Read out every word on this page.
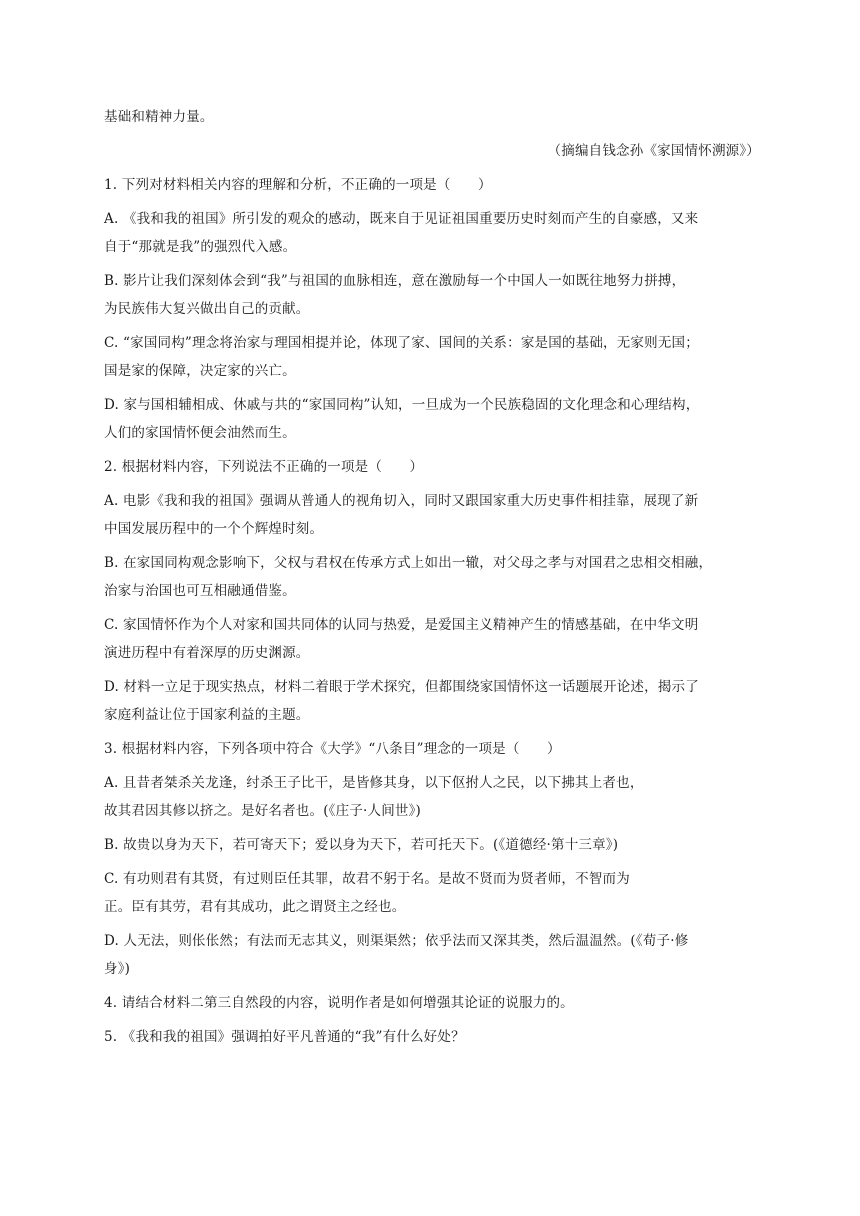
基础和精神力量。
（摘编自钱念孙《家国情怀溯源》）
1. 下列对材料相关内容的理解和分析，不正确的一项是（　　）
A. 《我和我的祖国》所引发的观众的感动，既来自于见证祖国重要历史时刻而产生的自豪感，又来
自于“那就是我”的强烈代入感。
B. 影片让我们深刻体会到“我”与祖国的血脉相连，意在激励每一个中国人一如既往地努力拼搏，
为民族伟大复兴做出自己的贡献。
C. “家国同构”理念将治家与理国相提并论，体现了家、国间的关系：家是国的基础，无家则无国；
国是家的保障，决定家的兴亡。
D. 家与国相辅相成、休戚与共的“家国同构”认知，一旦成为一个民族稳固的文化理念和心理结构，
人们的家国情怀便会油然而生。
2. 根据材料内容，下列说法不正确的一项是（　　）
A. 电影《我和我的祖国》强调从普通人的视角切入，同时又跟国家重大历史事件相挂靠，展现了新
中国发展历程中的一个个辉煌时刻。
B. 在家国同构观念影响下，父权与君权在传承方式上如出一辙，对父母之孝与对国君之忠相交相融，
治家与治国也可互相融通借鉴。
C. 家国情怀作为个人对家和国共同体的认同与热爱，是爱国主义精神产生的情感基础，在中华文明
演进历程中有着深厚的历史渊源。
D. 材料一立足于现实热点，材料二着眼于学术探究，但都围绕家国情怀这一话题展开论述，揭示了
家庭利益让位于国家利益的主题。
3. 根据材料内容，下列各项中符合《大学》“八条目”理念的一项是（　　）
A. 且昔者桀杀关龙逢，纣杀王子比干，是皆修其身，以下伛拊人之民，以下拂其上者也，
故其君因其修以挤之。是好名者也。(《庄子·人间世》)
B. 故贵以身为天下，若可寄天下；爱以身为天下，若可托天下。(《道德经·第十三章》)
C. 有功则君有其贤，有过则臣任其罪，故君不躬于名。是故不贤而为贤者师，不智而为
正。臣有其劳，君有其成功，此之谓贤主之经也。
D. 人无法，则伥伥然；有法而无志其义，则渠渠然；依乎法而又深其类，然后温温然。(《荀子·修
身》)
4. 请结合材料二第三自然段的内容，说明作者是如何增强其论证的说服力的。
5. 《我和我的祖国》强调拍好平凡普通的“我”有什么好处？
